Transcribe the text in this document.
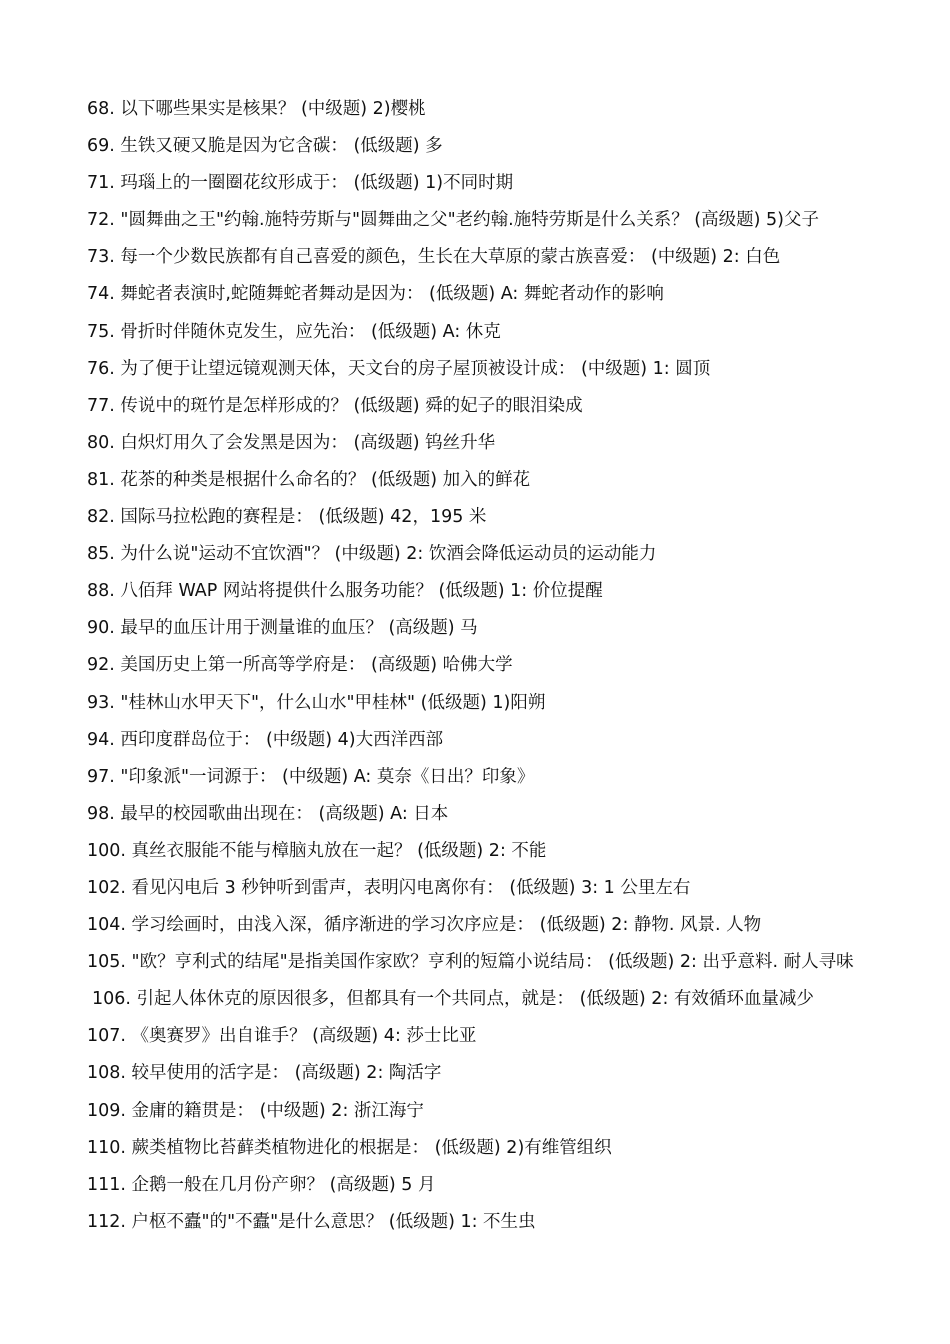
68. 以下哪些果实是核果？ (中级题) 2)樱桃
69. 生铁又硬又脆是因为它含碳： (低级题) 多
71. 玛瑙上的一圈圈花纹形成于： (低级题) 1)不同时期
72. "圆舞曲之王"约翰.施特劳斯与"圆舞曲之父"老约翰.施特劳斯是什么关系？ (高级题) 5)父子
73. 每一个少数民族都有自己喜爱的颜色，生长在大草原的蒙古族喜爱： (中级题) 2: 白色
74. 舞蛇者表演时,蛇随舞蛇者舞动是因为： (低级题) A: 舞蛇者动作的影响
75. 骨折时伴随休克发生，应先治： (低级题) A: 休克
76. 为了便于让望远镜观测天体，天文台的房子屋顶被设计成： (中级题) 1: 圆顶
77. 传说中的斑竹是怎样形成的？ (低级题) 舜的妃子的眼泪染成
80. 白炽灯用久了会发黑是因为： (高级题) 钨丝升华
81. 花茶的种类是根据什么命名的？ (低级题) 加入的鲜花
82. 国际马拉松跑的赛程是： (低级题) 42，195 米
85. 为什么说"运动不宜饮酒"？ (中级题) 2: 饮酒会降低运动员的运动能力
88. 八佰拜 WAP 网站将提供什么服务功能？ (低级题) 1: 价位提醒
90. 最早的血压计用于测量谁的血压？ (高级题) 马
92. 美国历史上第一所高等学府是： (高级题) 哈佛大学
93. "桂林山水甲天下"，什么山水"甲桂林" (低级题) 1)阳朔
94. 西印度群岛位于： (中级题) 4)大西洋西部
97. "印象派"一词源于： (中级题) A: 莫奈《日出？印象》
98. 最早的校园歌曲出现在： (高级题) A: 日本
100. 真丝衣服能不能与樟脑丸放在一起？ (低级题) 2: 不能
102. 看见闪电后 3 秒钟听到雷声，表明闪电离你有： (低级题) 3: 1 公里左右
104. 学习绘画时，由浅入深，循序渐进的学习次序应是： (低级题) 2: 静物. 风景. 人物
105. "欧？亨利式的结尾"是指美国作家欧？亨利的短篇小说结局： (低级题) 2: 出乎意料. 耐人寻味
106. 引起人体休克的原因很多，但都具有一个共同点，就是： (低级题) 2: 有效循环血量减少
107. 《奥赛罗》出自谁手？ (高级题) 4: 莎士比亚
108. 较早使用的活字是： (高级题) 2: 陶活字
109. 金庸的籍贯是： (中级题) 2: 浙江海宁
110. 蕨类植物比苔藓类植物进化的根据是： (低级题) 2)有维管组织
111. 企鹅一般在几月份产卵？ (高级题) 5 月
112. 户枢不蠹"的"不蠹"是什么意思？ (低级题) 1: 不生虫
